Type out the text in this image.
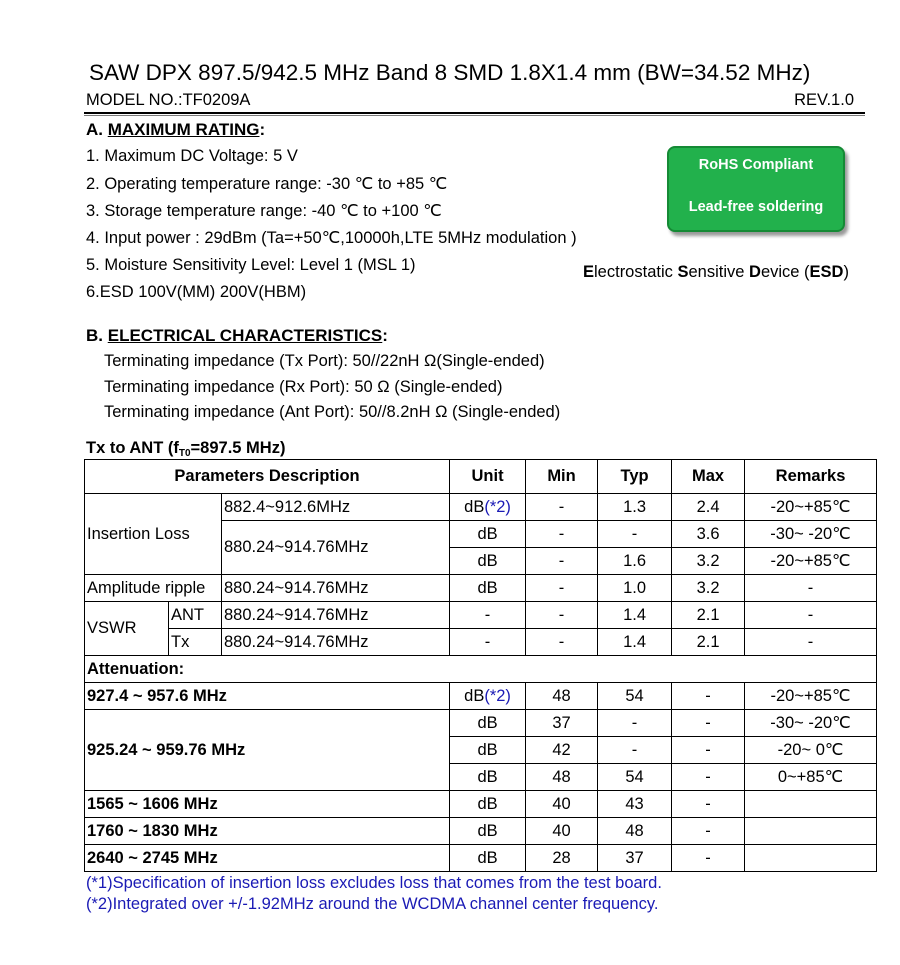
SAW DPX 897.5/942.5 MHz Band 8 SMD 1.8X1.4 mm (BW=34.52 MHz)
MODEL NO.:TF0209A	REV.1.0
A. MAXIMUM RATING:
1. Maximum DC Voltage: 5 V
2. Operating temperature range: -30 ℃ to +85 ℃
3. Storage temperature range: -40 ℃ to +100 ℃
4. Input power : 29dBm (Ta=+50℃,10000h,LTE 5MHz modulation )
5. Moisture Sensitivity Level: Level 1 (MSL 1)
6.ESD 100V(MM) 200V(HBM)
RoHS Compliant
Lead-free soldering
Electrostatic Sensitive Device (ESD)
B. ELECTRICAL CHARACTERISTICS:
Terminating impedance (Tx Port): 50//22nH Ω(Single-ended)
Terminating impedance (Rx Port): 50 Ω (Single-ended)
Terminating impedance (Ant Port): 50//8.2nH Ω (Single-ended)
Tx to ANT ($f_{T0}=897.5$ MHz)
Parameters Description			Unit	Min	Typ	Max	Remarks
Insertion Loss		882.4~912.6MHz	dB(*2)	-	1.3	2.4	-20~+85℃
		880.24~914.76MHz	dB	-	-	3.6	-30~ -20℃
			dB	-	1.6	3.2	-20~+85℃
Amplitude ripple		880.24~914.76MHz	dB	-	1.0	3.2	-
VSWR	ANT	880.24~914.76MHz	-	-	1.4	2.1	-
	Tx	880.24~914.76MHz	-	-	1.4	2.1	-
Attenuation:							
927.4 ~ 957.6 MHz			dB(*2)	48	54	-	-20~+85℃
925.24 ~ 959.76 MHz			dB	37	-	-	-30~ -20℃
			dB	42	-	-	-20~ 0℃
			dB	48	54	-	0~+85℃
1565 ~ 1606 MHz			dB	40	43	-	
1760 ~ 1830 MHz			dB	40	48	-	
2640 ~ 2745 MHz			dB	28	37	-	
(*1)Specification of insertion loss excludes loss that comes from the test board.
(*2)Integrated over +/-1.92MHz around the WCDMA channel center frequency.
